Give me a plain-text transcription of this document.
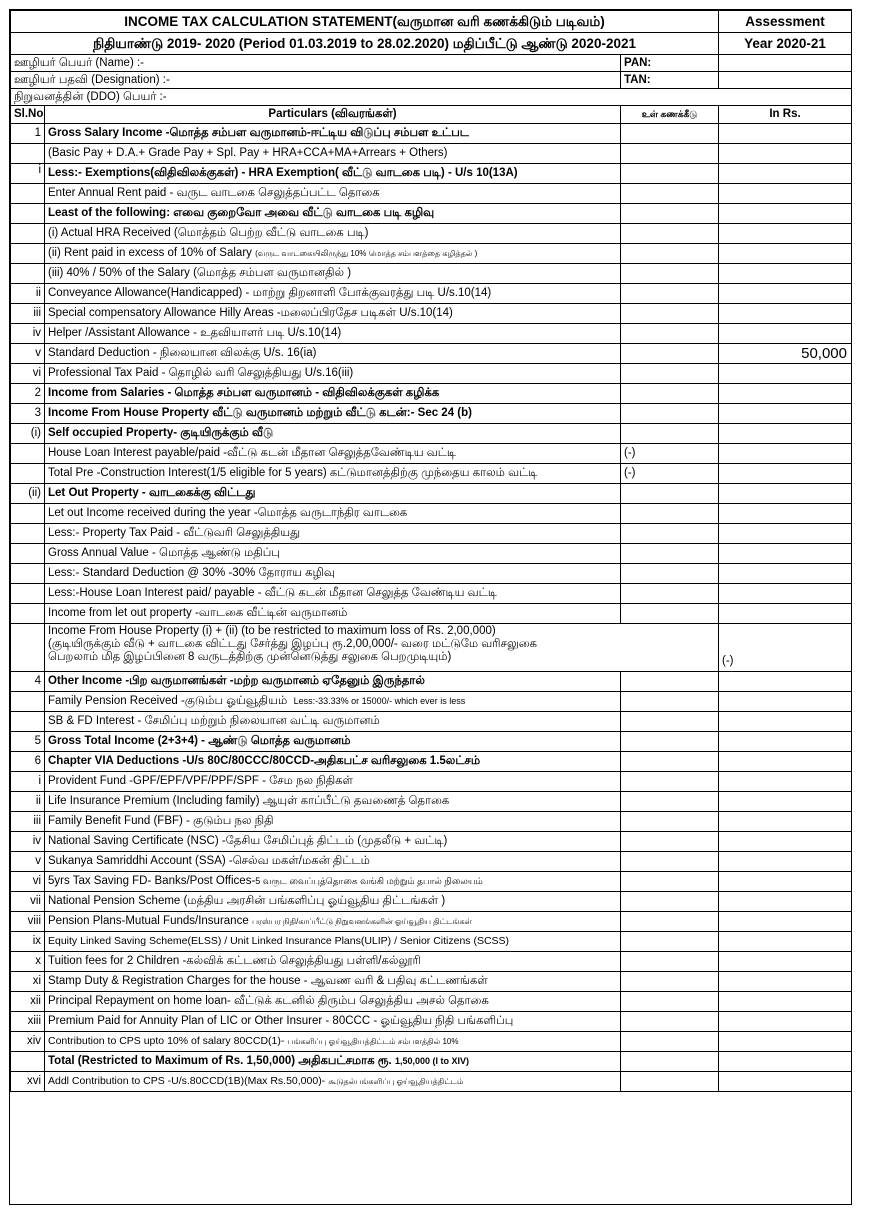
INCOME TAX CALCULATION STATEMENT(வருமான வரி கணக்கிடும் படிவம்)			Assessment
நிதியாண்டு 2019- 2020 (Period 01.03.2019 to 28.02.2020) மதிப்பீட்டு ஆண்டு 2020-2021			Year 2020-21
ஊழியர் பெயர் (Name) :-		PAN:	
ஊழியர் பதவி (Designation) :-		TAN:	
நிறுவனத்தின் (DDO) பெயர் :-			
Sl.No	Particulars (விவரங்கள்)	உள் கணக்கீடு	In Rs.
1	Gross Salary Income -மொத்த சம்பள வருமானம்-ஈட்டிய விடுப்பு சம்பள உட்பட		
	(Basic Pay + D.A.+ Grade Pay + Spl. Pay + HRA+CCA+MA+Arrears + Others)		
i	Less:- Exemptions(விதிவிலக்குகள்) - HRA Exemption( வீட்டு வாடகை படி) - U/s 10(13A)		
	Enter Annual Rent paid - வருட வாடகை செலுத்தப்பட்ட தொகை		
	Least of the following: எவை குறைவோ அவை வீட்டு வாடகை படி கழிவு		
	(i) Actual HRA Received (மொத்தம் பெற்ற வீட்டு வாடகை படி)		
	(ii) Rent paid in excess of 10% of Salary (வருட வாடகையிலிருந்து 10% மொத்த சம்பளத்தை கழித்தல் )		
	(iii) 40% / 50% of the Salary (மொத்த சம்பள வருமானதில் )		
ii	Conveyance Allowance(Handicapped) - மாற்று திறனாளி போக்குவரத்து படி U/s.10(14)		
iii	Special compensatory Allowance Hilly Areas -மலைப்பிரதேச படிகள் U/s.10(14)		
iv	Helper /Assistant Allowance - உதவியாளர் படி U/s.10(14)		
v	Standard Deduction - நிலையான விலக்கு U/s. 16(ia)		50,000
vi	Professional Tax Paid - தொழில் வரி செலுத்தியது U/s.16(iii)		
2	Income from Salaries - மொத்த சம்பள வருமானம் - விதிவிலக்குகள் கழிக்க		
3	Income From House Property வீட்டு வருமானம் மற்றும் வீட்டு கடன்:- Sec 24 (b)		
(i)	Self occupied Property- குடியிருக்கும் வீடு		
	House Loan Interest payable/paid -வீட்டு கடன் மீதான செலுத்தவேண்டிய வட்டி	(-)	
	Total Pre -Construction Interest(1/5 eligible for 5 years) கட்டுமானத்திற்கு முந்தைய காலம் வட்டி	(-)	
(ii)	Let Out Property - வாடகைக்கு விட்டது		
	Let out Income received during the year -மொத்த வருடாந்திர வாடகை		
	Less:- Property Tax Paid - வீட்டுவரி செலுத்தியது		
	Gross Annual Value - மொத்த ஆண்டு மதிப்பு		
	Less:- Standard Deduction @ 30% -30% தோராய கழிவு		
	Less:-House Loan Interest paid/ payable - வீட்டு கடன் மீதான செலுத்த வேண்டிய வட்டி		
	Income from let out property -வாடகை வீட்டின் வருமானம்		

	Income From House Property (i) + (ii) (to be restricted to maximum loss of Rs. 2,00,000)
(குடியிருக்கும் வீடு + வாடகை விட்டது சேர்த்து இழப்பு ரூ.2,00,000/- வரை மட்டுமே வரிசலுகை
பெறலாம் மித இழப்பினை 8 வருடத்திற்கு முன்னெடுத்து சலுகை பெறமுடியும்)		(-)
4	Other Income -பிற வருமானங்கள் -மற்ற வருமானம் ஏதேனும் இருந்தால்		
	Family Pension Received -குடும்ப ஓய்வூதியம் Less:-33.33% or 15000/- which ever is less		
	SB & FD Interest - சேமிப்பு மற்றும் நிலையான வட்டி வருமானம்		
5	Gross Total Income (2+3+4) - ஆண்டு மொத்த வருமானம்		
6	Chapter VIA Deductions -U/s 80C/80CCC/80CCD-அதிகபட்ச வரிசலுகை 1.5லட்சம்		
i	Provident Fund -GPF/EPF/VPF/PPF/SPF - சேம நல நிதிகள்		
ii	Life Insurance Premium (Including family) ஆயுள் காப்பீட்டு தவணைத் தொகை		
iii	Family Benefit Fund (FBF) - குடும்ப நல நிதி		
iv	National Saving Certificate (NSC) -தேசிய சேமிப்புத் திட்டம் (முதலீடு + வட்டி)		
v	Sukanya Samriddhi Account (SSA) -செல்வ மகள்/மகன் திட்டம்		
vi	5yrs Tax Saving FD- Banks/Post Offices-5 வருட வைப்புத்தொகை வங்கி மற்றும் தபால் நிலையம்		
vii	National Pension Scheme (மத்திய அரசின் பங்களிப்பு ஓய்வூதிய திட்டங்கள் )		
viii	Pension Plans-Mutual Funds/Insurance பரஸ்பர நிதி/காப்பீட்டு நிறுவனங்களின் ஓய்வூதிய திட்டங்கள்		
ix	Equity Linked Saving Scheme(ELSS) / Unit Linked Insurance Plans(ULIP) / Senior Citizens (SCSS)		
x	Tuition fees for 2 Children -கல்விக் கட்டணம் செலுத்தியது பள்ளி/கல்லூரி		
xi	Stamp Duty & Registration Charges for the house - ஆவண வரி & பதிவு கட்டணங்கள்		
xii	Principal Repayment on home loan- வீட்டுக் கடனில் திரும்ப செலுத்திய அசல் தொகை		
xiii	Premium Paid for Annuity Plan of LIC or Other Insurer - 80CCC - ஓய்வூதிய நிதி பங்களிப்பு		
xiv	Contribution to CPS upto 10% of salary 80CCD(1)- பங்களிப்பு ஓய்வூதியத்திட்டம் சம்பளத்தில் 10%		
	Total (Restricted to Maximum of Rs. 1,50,000) அதிகபட்சமாக ரூ. 1,50,000 (I to XIV)		
xvi	Addl Contribution to CPS -U/s.80CCD(1B)(Max Rs.50,000)- கூடுதல்பங்களிப்பு ஓய்வூதியத்திட்டம்		
